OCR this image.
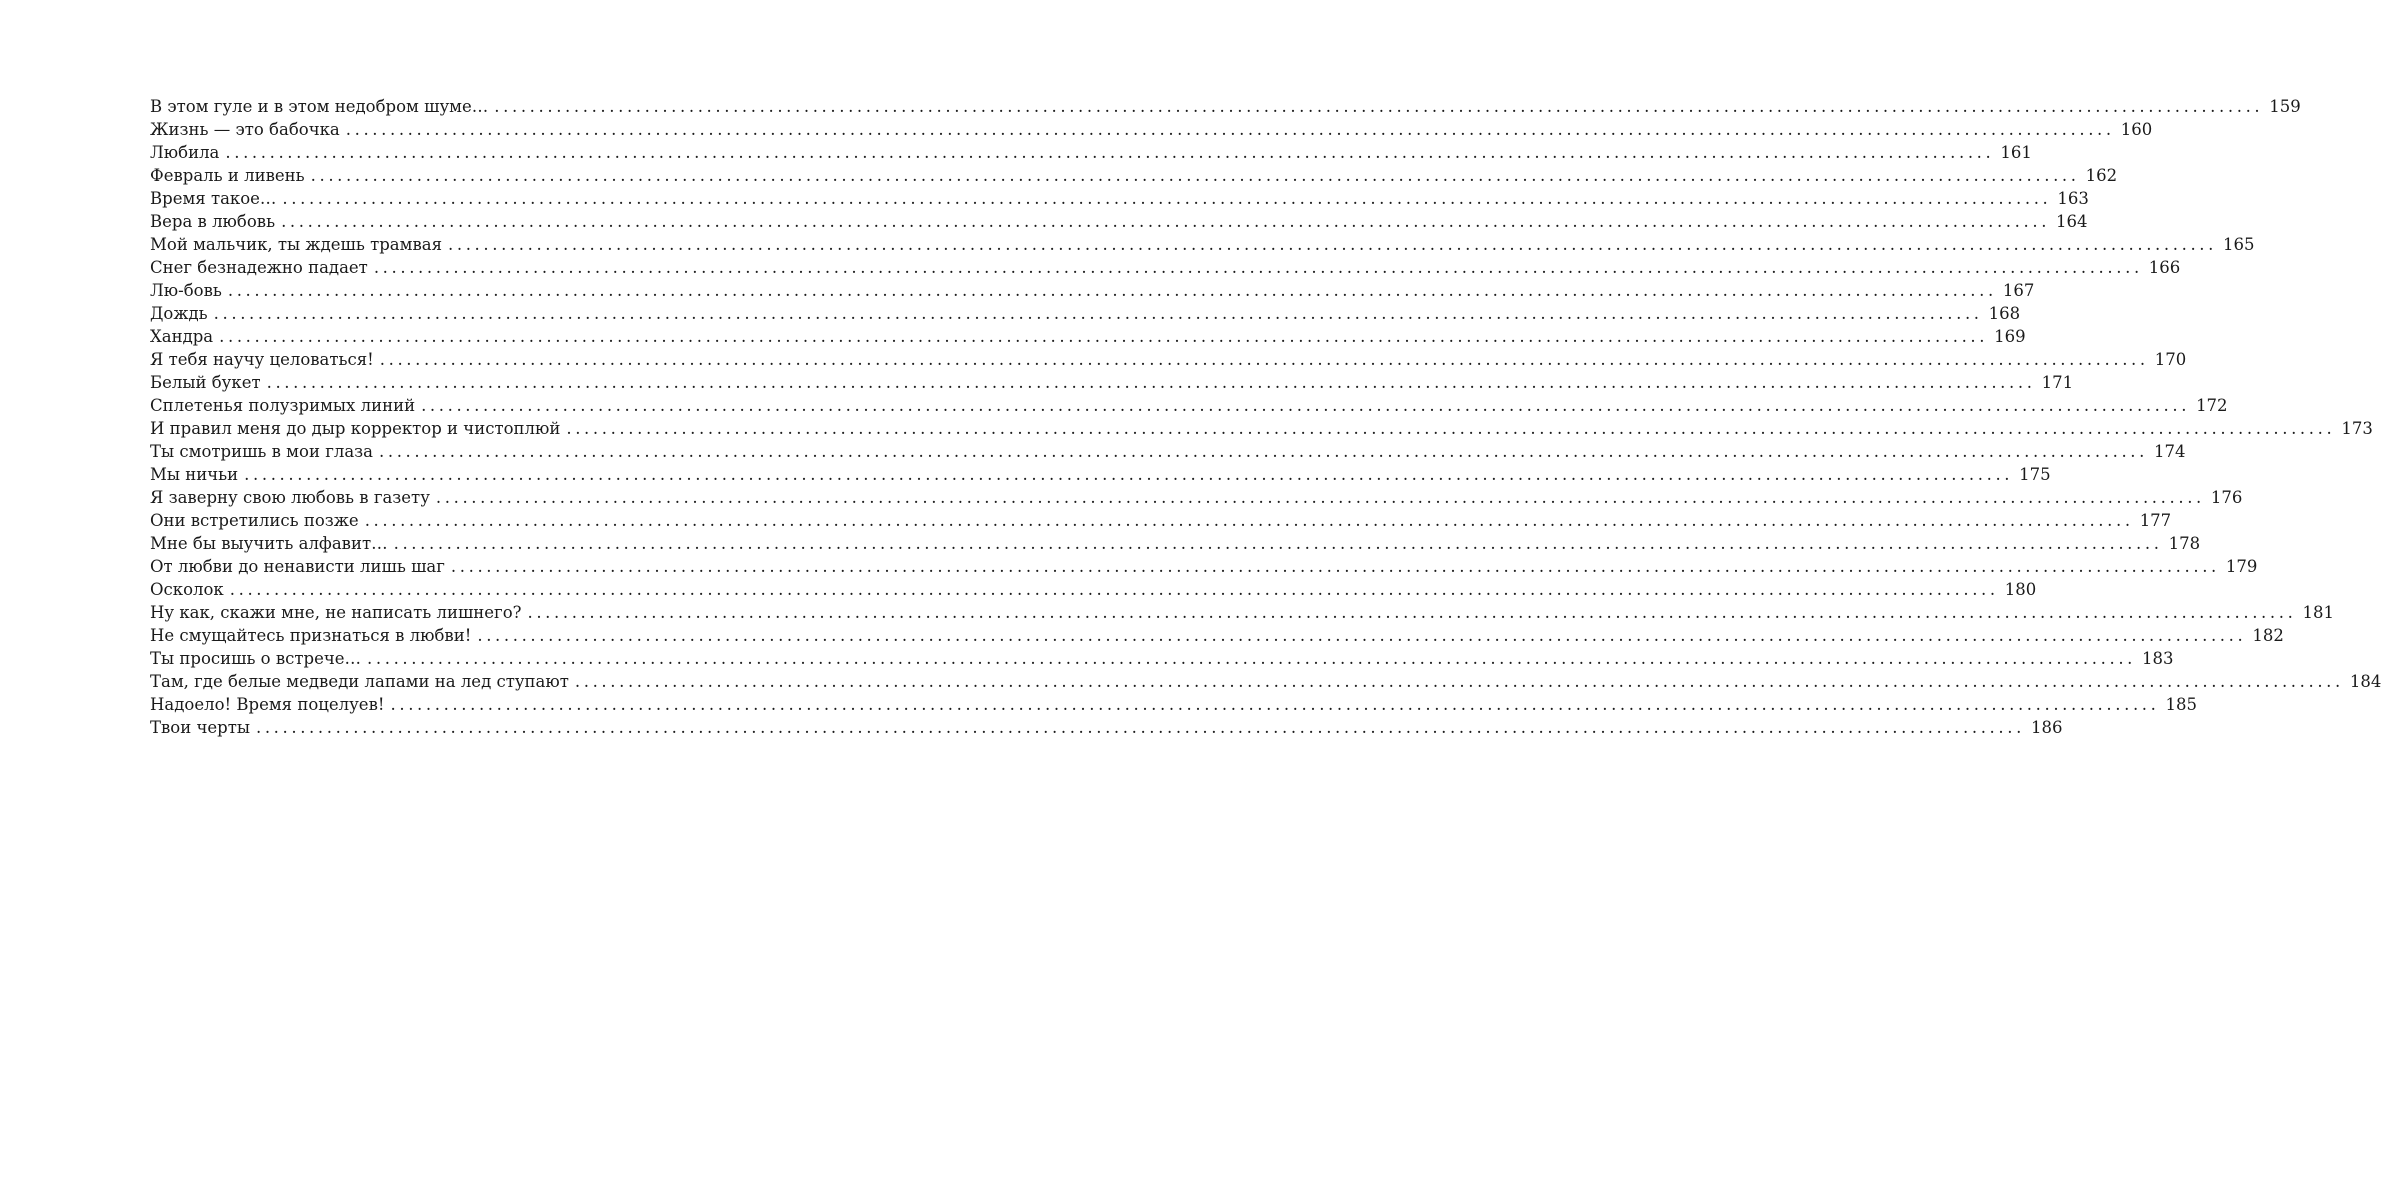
В этом гуле и в этом недобром шуме… ........................................................................................................................................................................................................ 159
Жизнь — это бабочка ........................................................................................................................................................................................................ 160
Любила ........................................................................................................................................................................................................ 161
Февраль и ливень ........................................................................................................................................................................................................ 162
Время такое… ........................................................................................................................................................................................................ 163
Вера в любовь ........................................................................................................................................................................................................ 164
Мой мальчик, ты ждешь трамвая ........................................................................................................................................................................................................ 165
Снег безнадежно падает ........................................................................................................................................................................................................ 166
Лю-бовь ........................................................................................................................................................................................................ 167
Дождь ........................................................................................................................................................................................................ 168
Хандра ........................................................................................................................................................................................................ 169
Я тебя научу целоваться! ........................................................................................................................................................................................................ 170
Белый букет ........................................................................................................................................................................................................ 171
Сплетенья полузримых линий ........................................................................................................................................................................................................ 172
И правил меня до дыр корректор и чистоплюй ........................................................................................................................................................................................................ 173
Ты смотришь в мои глаза ........................................................................................................................................................................................................ 174
Мы ничьи ........................................................................................................................................................................................................ 175
Я заверну свою любовь в газету ........................................................................................................................................................................................................ 176
Они встретились позже ........................................................................................................................................................................................................ 177
Мне бы выучить алфавит… ........................................................................................................................................................................................................ 178
От любви до ненависти лишь шаг ........................................................................................................................................................................................................ 179
Осколок ........................................................................................................................................................................................................ 180
Ну как, скажи мне, не написать лишнего? ........................................................................................................................................................................................................ 181
Не смущайтесь признаться в любви! ........................................................................................................................................................................................................ 182
Ты просишь о встрече… ........................................................................................................................................................................................................ 183
Там, где белые медведи лапами на лед ступают ........................................................................................................................................................................................................ 184
Надоело! Время поцелуев! ........................................................................................................................................................................................................ 185
Твои черты ........................................................................................................................................................................................................ 186
